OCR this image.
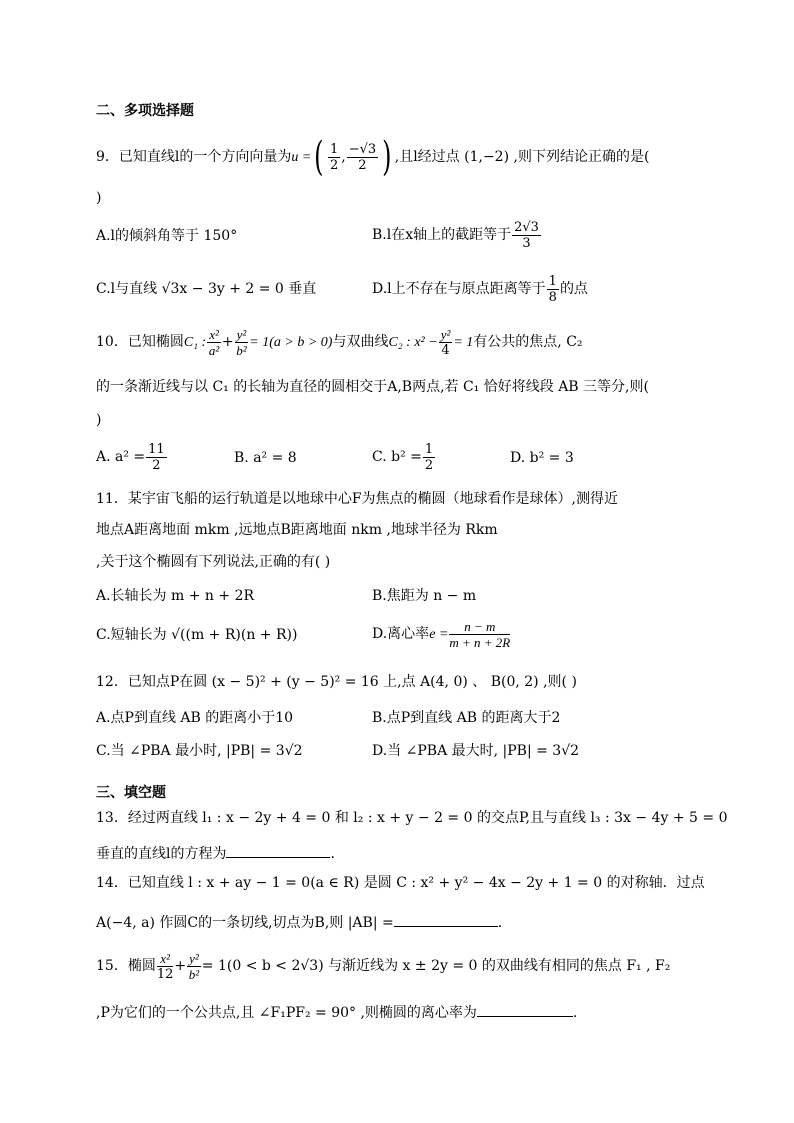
二、多项选择题
9．已知直线l的一个方向向量为u =( $\frac{1}{2}$ , $\frac{-√3}{2}$ ) ,且l经过点 (1,−2) ,则下列结论正确的是(
)
A.l的倾斜角等于 150°	B.l在x轴上的截距等于 $\frac{2√3}{3}$
C.l与直线 √3x − 3y + 2 = 0 垂直	D.l上不存在与原点距离等于 $\frac{1}{8}$ 的点
10．已知椭圆C₁ : $\frac{\text{x²}}{\text{a²}} + \frac{\text{y²}}{\text{b²}} = 1(a > b > 0)$与双曲线C₂ : $x^2 - \frac{\text{y²}}{4} = 1$有公共的焦点, C₂
的一条渐近线与以 C₁ 的长轴为直径的圆相交于A,B两点,若 C₁ 恰好将线段 AB 三等分,则(
)
A. $a^2 = \frac{11}{2}$	B. a² = 8	C. $b^2 = \frac{1}{2}$	D. b² = 3
11．某宇宙飞船的运行轨道是以地球中心F为焦点的椭圆（地球看作是球体）,测得近
地点A距离地面 mkm ,远地点B距离地面 nkm ,地球半径为 Rkm
,关于这个椭圆有下列说法,正确的有( )
A.长轴长为 m + n + 2R	B.焦距为 n − m
C.短轴长为 √((m + R)(n + R))	D.离心率$e = \frac{n - m}{m + n + 2R}$
12．已知点P在圆 (x − 5)² + (y − 5)² = 16 上,点 A(4, 0) 、 B(0, 2) ,则( )
A.点P到直线 AB 的距离小于10	B.点P到直线 AB 的距离大于2
C.当 ∠PBA 最小时, |PB| = 3√2	D.当 ∠PBA 最大时, |PB| = 3√2
三、填空题
13．经过两直线 l₁ : x − 2y + 4 = 0 和 l₂ : x + y − 2 = 0 的交点P,且与直线 l₃ : 3x − 4y + 5 = 0
垂直的直线l的方程为	.
14．已知直线 l : x + ay − 1 = 0(a ∈ R) 是圆 C : x² + y² − 4x − 2y + 1 = 0 的对称轴．过点
A(−4, a) 作圆C的一条切线,切点为B,则 |AB| =	.
15．椭圆 $\frac{\text{x²}}{12} + \frac{\text{y²}}{\text{b²}} = 1(0 < b < 2√3)$ 与渐近线为 x ± 2y = 0 的双曲线有相同的焦点 F₁ , F₂
,P为它们的一个公共点,且 ∠F₁PF₂ = 90° ,则椭圆的离心率为	.
